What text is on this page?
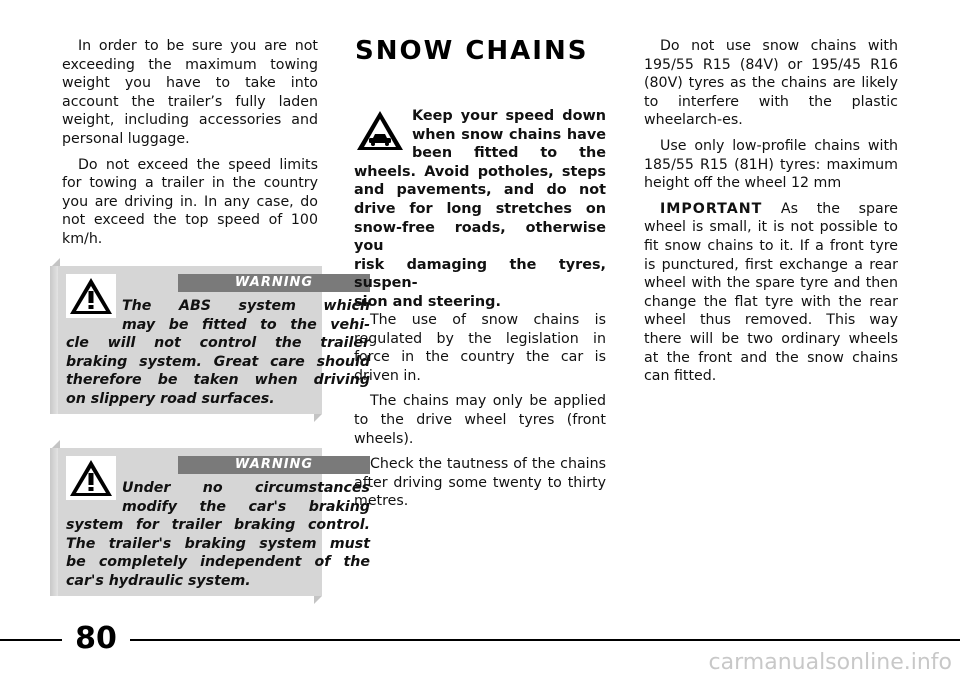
In order to be sure you are not exceeding the maximum towing weight you have to take into account the trailer’s fully laden weight, including accessories and personal luggage.

Do not exceed the speed limits for towing a trailer in the country you are driving in. In any case, do not exceed the top speed of 100 km/h.

WARNING
The ABS system which
may be fitted to the vehi-
cle will not control the trailer
braking system. Great care should
therefore be taken when driving
on slippery road surfaces.
WARNING
Under no circumstances
modify the car's braking
system for trailer braking control.
The trailer's braking system must
be completely independent of the
car's hydraulic system.
SNOW CHAINS
Keep your speed down
when snow chains have
been fitted to the
wheels. Avoid potholes, steps
and pavements, and do not
drive for long stretches on
snow-free roads, otherwise you
risk damaging the tyres, suspen-
sion and steering.

The use of snow chains is regulated by the legislation in force in the country the car is driven in.

The chains may only be applied to the drive wheel tyres (front wheels).

Check the tautness of the chains after driving some twenty to thirty metres.

Do not use snow chains with 195/55 R15 (84V) or 195/45 R16 (80V) tyres as the chains are likely to interfere with the plastic wheelarch-es.

Use only low-profile chains with 185/55 R15 (81H) tyres: maximum height off the wheel 12 mm

IMPORTANT As the spare wheel is small, it is not possible to fit snow chains to it. If a front tyre is punctured, first exchange a rear wheel with the spare tyre and then change the flat tyre with the rear wheel thus removed. This way there will be two ordinary wheels at the front and the snow chains can fitted.

80
carmanualsonline.info
